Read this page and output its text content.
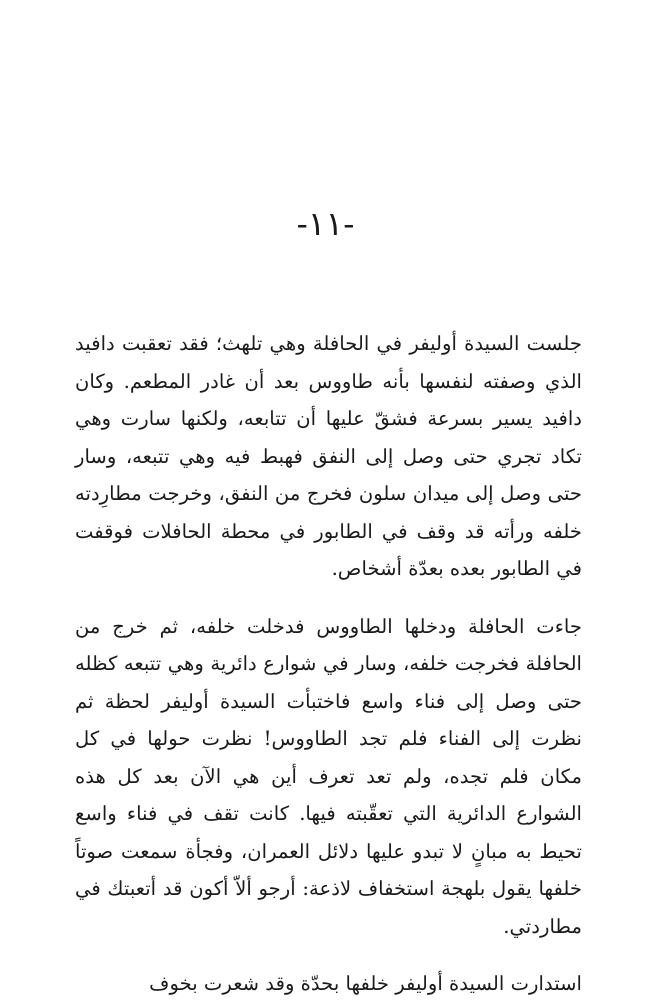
-١١-

جلست السيدة أوليفر في الحافلة وهي تلهث؛ فقد تعقبت دافيد الذي وصفته لنفسها بأنه طاووس بعد أن غادر المطعم. وكان دافيد يسير بسرعة فشقّ عليها أن تتابعه، ولكنها سارت وهي تكاد تجري حتى وصل إلى النفق فهبط فيه وهي تتبعه، وسار حتى وصل إلى ميدان سلون فخرج من النفق، وخرجت مطارِدته خلفه ورأته قد وقف في الطابور في محطة الحافلات فوقفت في الطابور بعده بعدّة أشخاص.

جاءت الحافلة ودخلها الطاووس فدخلت خلفه، ثم خرج من الحافلة فخرجت خلفه، وسار في شوارع دائرية وهي تتبعه كظله حتى وصل إلى فناء واسع فاختبأت السيدة أوليفر لحظة ثم نظرت إلى الفناء فلم تجد الطاووس! نظرت حولها في كل مكان فلم تجده، ولم تعد تعرف أين هي الآن بعد كل هذه الشوارع الدائرية التي تعقّبته فيها. كانت تقف في فناء واسع تحيط به مبانٍ لا تبدو عليها دلائل العمران، وفجأة سمعت صوتاً خلفها يقول بلهجة استخفاف لاذعة: أرجو ألاّ أكون قد أتعبتك في مطاردتي.

استدارت السيدة أوليفر خلفها بحدّة وقد شعرت بخوف
